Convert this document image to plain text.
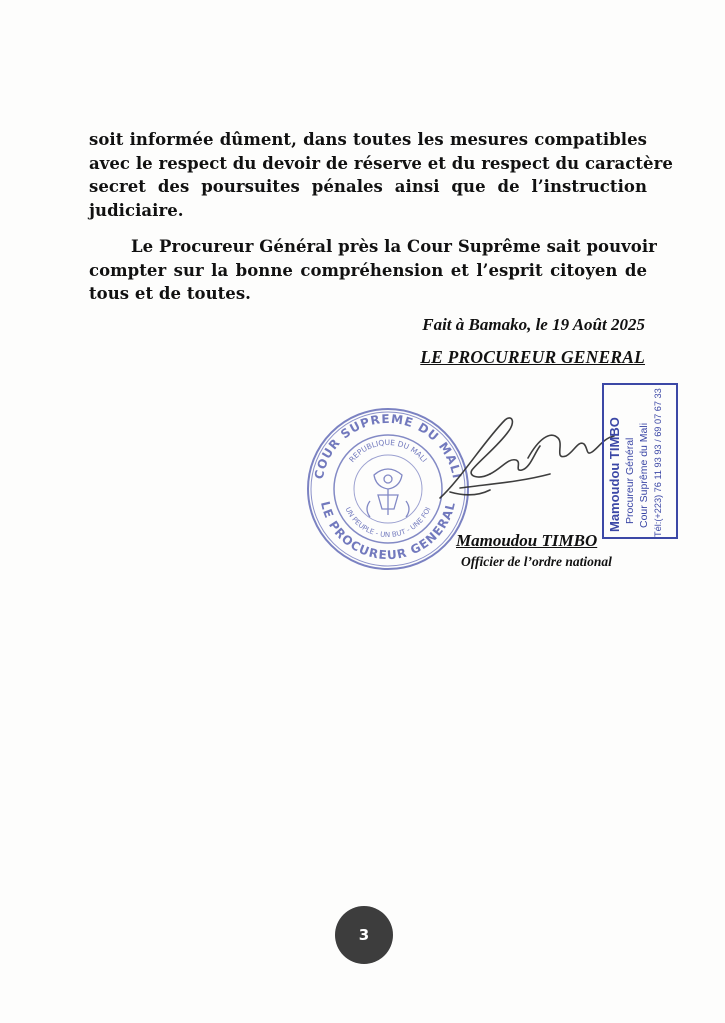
soit informée dûment, dans toutes les mesures compatibles
avec le respect du devoir de réserve et du respect du caractère
secret des poursuites pénales ainsi que de l’instruction
judiciaire.
Le Procureur Général près la Cour Suprême sait pouvoir
compter sur la bonne compréhension et l’esprit citoyen de
tous et de toutes.
Fait à Bamako, le 19 Août 2025
LE PROCUREUR GENERAL
COUR SUPREME DU MALI
LE PROCUREUR GENERAL
REPUBLIQUE DU MALI
UN PEUPLE - UN BUT - UNE FOI	Mamoudou TIMBO Procureur Général Cour Suprême du Mali Tél:(+223) 76 11 93 93 / 69 07 67 33
Mamoudou TIMBO
Officier de l’ordre national
3
